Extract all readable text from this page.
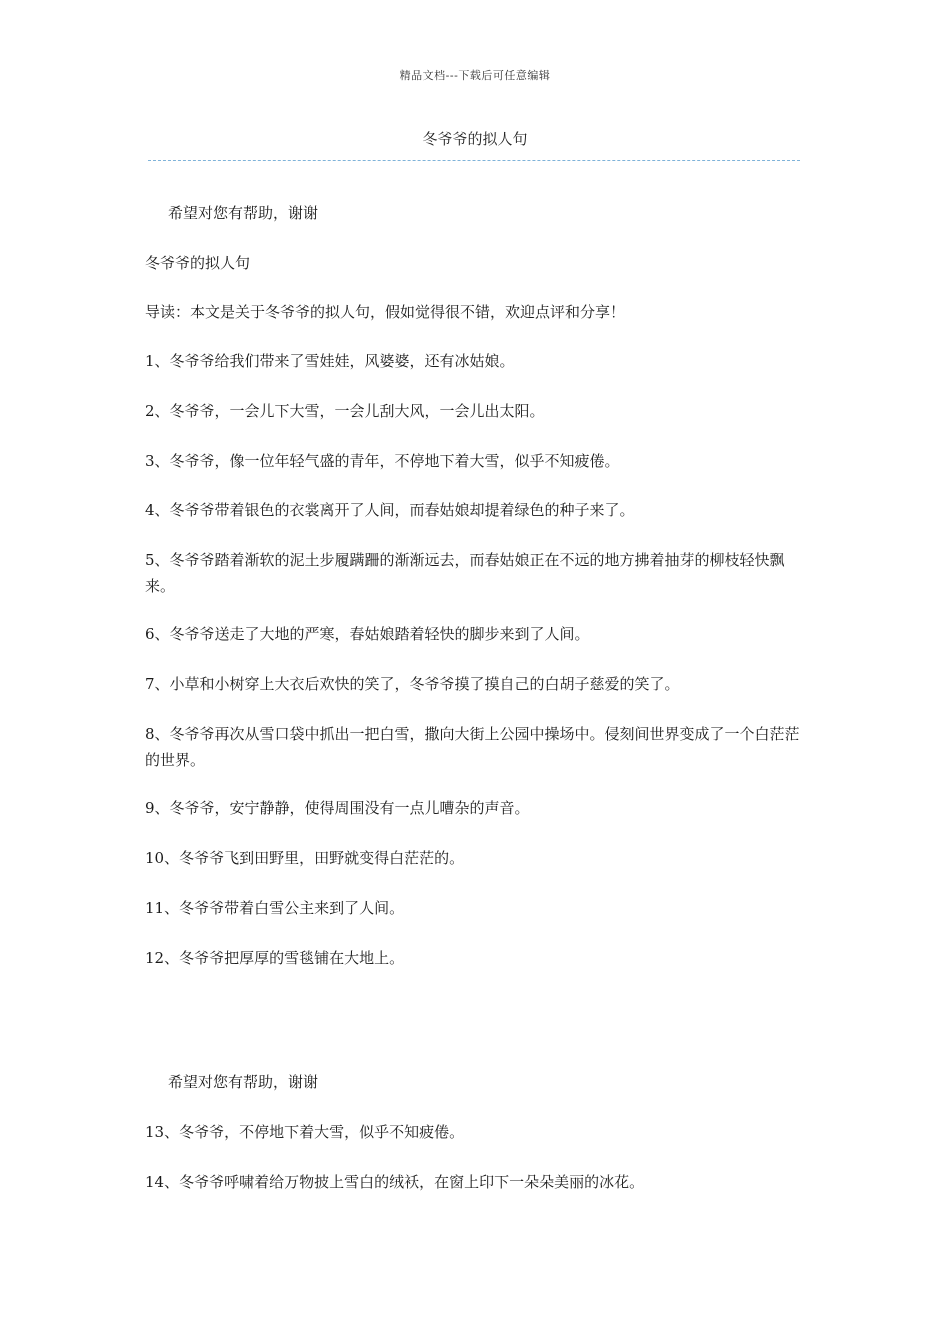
精品文档---下载后可任意编辑
冬爷爷的拟人句
希望对您有帮助，谢谢
冬爷爷的拟人句
导读：本文是关于冬爷爷的拟人句，假如觉得很不错，欢迎点评和分享！
1、冬爷爷给我们带来了雪娃娃，风婆婆，还有冰姑娘。
2、冬爷爷，一会儿下大雪，一会儿刮大风，一会儿出太阳。
3、冬爷爷，像一位年轻气盛的青年，不停地下着大雪，似乎不知疲倦。
4、冬爷爷带着银色的衣裳离开了人间，而春姑娘却提着绿色的种子来了。
5、冬爷爷踏着渐软的泥土步履蹒跚的渐渐远去，而春姑娘正在不远的地方拂着抽芽的柳枝轻快飘来。
6、冬爷爷送走了大地的严寒，春姑娘踏着轻快的脚步来到了人间。
7、小草和小树穿上大衣后欢快的笑了，冬爷爷摸了摸自己的白胡子慈爱的笑了。
8、冬爷爷再次从雪口袋中抓出一把白雪，撒向大街上公园中操场中。侵刻间世界变成了一个白茫茫的世界。
9、冬爷爷，安宁静静，使得周围没有一点儿嘈杂的声音。
10、冬爷爷飞到田野里，田野就变得白茫茫的。
11、冬爷爷带着白雪公主来到了人间。
12、冬爷爷把厚厚的雪毯铺在大地上。
希望对您有帮助，谢谢
13、冬爷爷，不停地下着大雪，似乎不知疲倦。
14、冬爷爷呼啸着给万物披上雪白的绒袄，在窗上印下一朵朵美丽的冰花。
